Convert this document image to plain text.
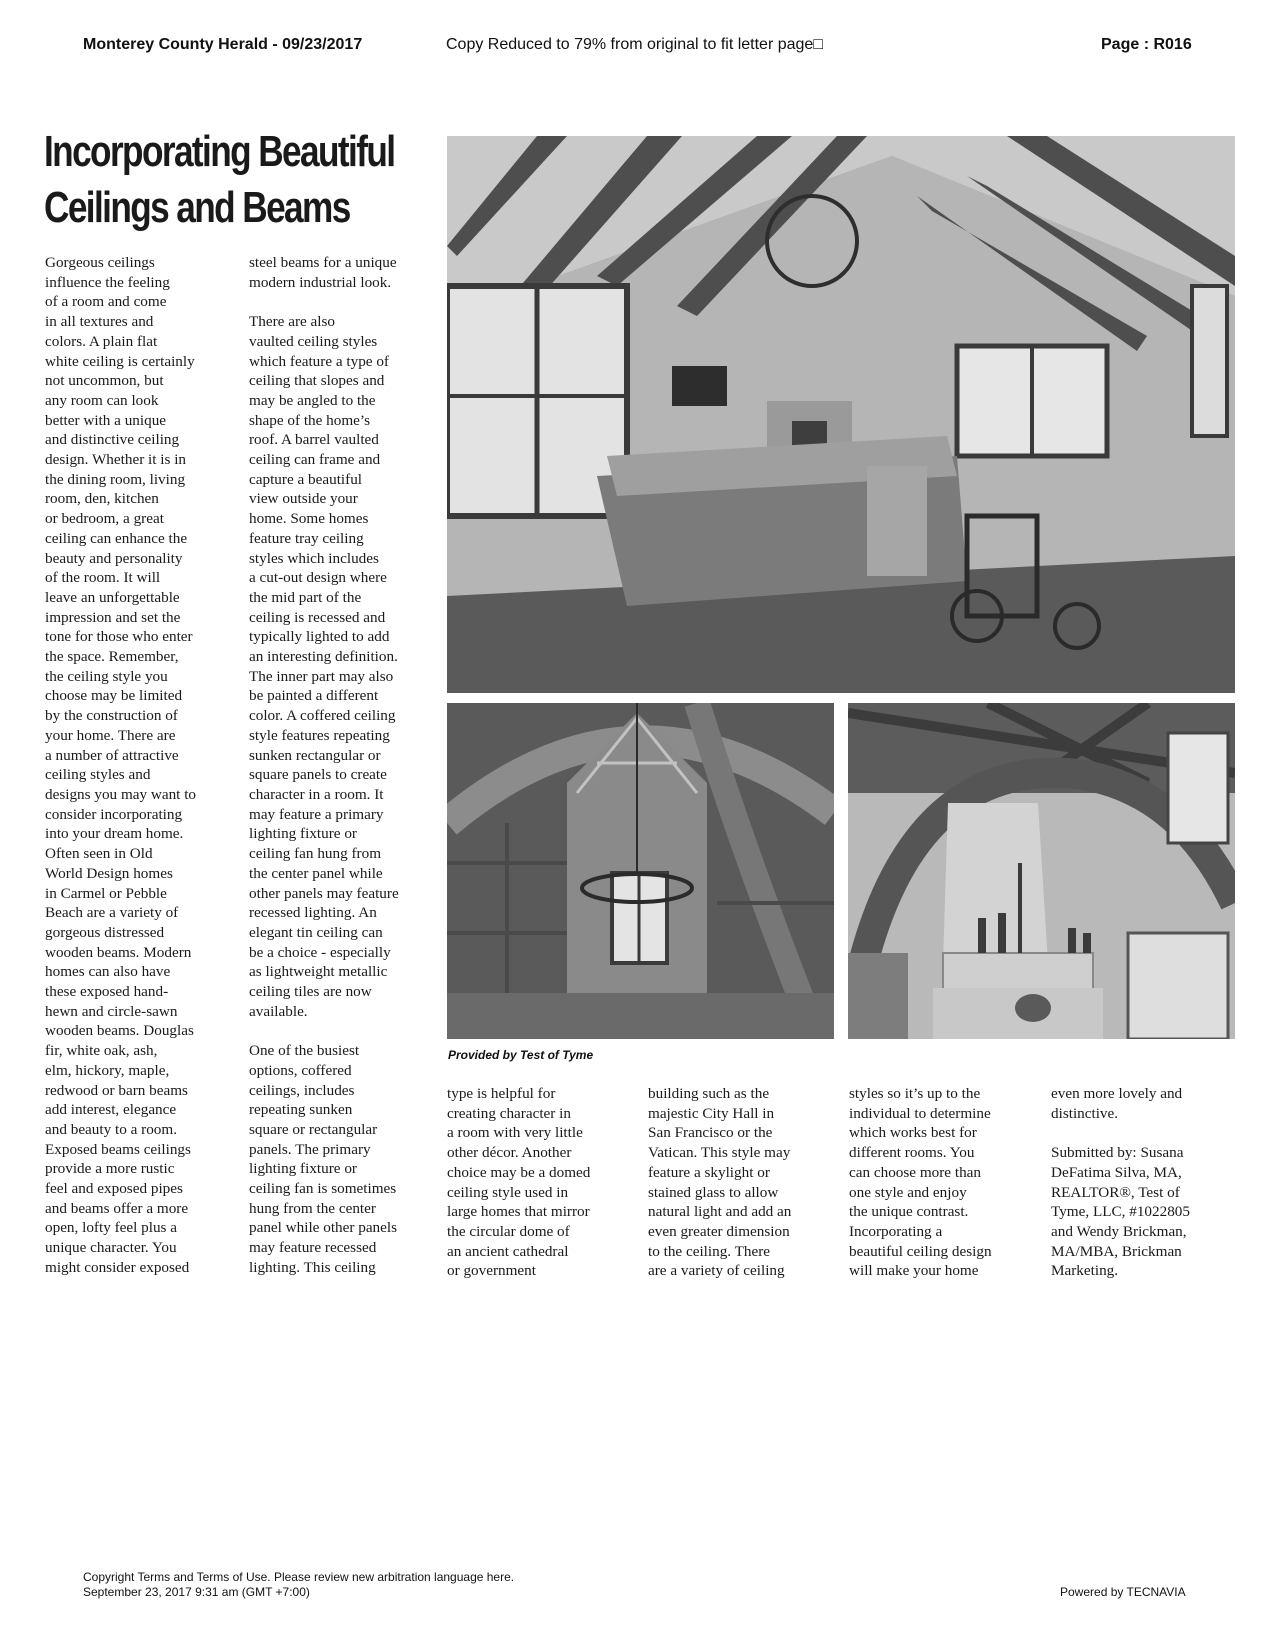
Monterey County Herald - 09/23/2017	Copy Reduced to 79% from original to fit letter page□	Page : R016
Incorporating Beautiful
Ceilings and Beams
Gorgeous ceilings
influence the feeling
of a room and come
in all textures and
colors. A plain flat
white ceiling is certainly
not uncommon, but
any room can look
better with a unique
and distinctive ceiling
design. Whether it is in
the dining room, living
room, den, kitchen
or bedroom, a great
ceiling can enhance the
beauty and personality
of the room. It will
leave an unforgettable
impression and set the
tone for those who enter
the space. Remember,
the ceiling style you
choose may be limited
by the construction of
your home. There are
a number of attractive
ceiling styles and
designs you may want to
consider incorporating
into your dream home.
Often seen in Old
World Design homes
in Carmel or Pebble
Beach are a variety of
gorgeous distressed
wooden beams. Modern
homes can also have
these exposed hand-
hewn and circle-sawn
wooden beams. Douglas
fir, white oak, ash,
elm, hickory, maple,
redwood or barn beams
add interest, elegance
and beauty to a room.
Exposed beams ceilings
provide a more rustic
feel and exposed pipes
and beams offer a more
open, lofty feel plus a
unique character. You
might consider exposed
steel beams for a unique
modern industrial look.

There are also
vaulted ceiling styles
which feature a type of
ceiling that slopes and
may be angled to the
shape of the home’s
roof. A barrel vaulted
ceiling can frame and
capture a beautiful
view outside your
home. Some homes
feature tray ceiling
styles which includes
a cut-out design where
the mid part of the
ceiling is recessed and
typically lighted to add
an interesting definition.
The inner part may also
be painted a different
color. A coffered ceiling
style features repeating
sunken rectangular or
square panels to create
character in a room. It
may feature a primary
lighting fixture or
ceiling fan hung from
the center panel while
other panels may feature
recessed lighting. An
elegant tin ceiling can
be a choice - especially
as lightweight metallic
ceiling tiles are now
available.

One of the busiest
options, coffered
ceilings, includes
repeating sunken
square or rectangular
panels. The primary
lighting fixture or
ceiling fan is sometimes
hung from the center
panel while other panels
may feature recessed
lighting. This ceiling
Provided by Test of Tyme
type is helpful for
creating character in
a room with very little
other décor. Another
choice may be a domed
ceiling style used in
large homes that mirror
the circular dome of
an ancient cathedral
or government
building such as the
majestic City Hall in
San Francisco or the
Vatican. This style may
feature a skylight or
stained glass to allow
natural light and add an
even greater dimension
to the ceiling. There
are a variety of ceiling
styles so it’s up to the
individual to determine
which works best for
different rooms. You
can choose more than
one style and enjoy
the unique contrast.
Incorporating a
beautiful ceiling design
will make your home
even more lovely and
distinctive.

Submitted by: Susana
DeFatima Silva, MA,
REALTOR®, Test of
Tyme, LLC, #1022805
and Wendy Brickman,
MA/MBA, Brickman
Marketing.
Copyright Terms and Terms of Use. Please review new arbitration language here.
September 23, 2017 9:31 am (GMT +7:00)	Powered by TECNAVIA
